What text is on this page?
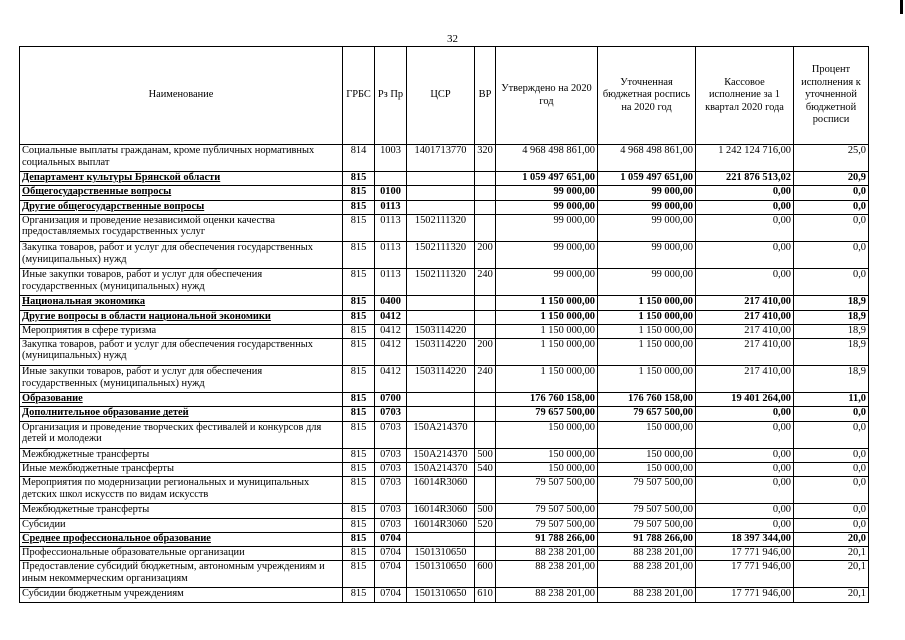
32
Наименование	ГРБС	Рз Пр	ЦСР	ВР	Утверждено на 2020 год	Уточненная бюджетная роспись на 2020 год	Кассовое исполнение за 1 квартал 2020 года	Процент исполнения к уточненной бюджетной росписи
Социальные выплаты гражданам, кроме публичных нормативных социальных выплат	814	1003	1401713770	320	4 968 498 861,00	4 968 498 861,00	1 242 124 716,00	25,0
Департамент культуры Брянской области	815				1 059 497 651,00	1 059 497 651,00	221 876 513,02	20,9
Общегосударственные вопросы	815	0100			99 000,00	99 000,00	0,00	0,0
Другие общегосударственные вопросы	815	0113			99 000,00	99 000,00	0,00	0,0
Организация и проведение независимой оценки качества предоставляемых государственных услуг	815	0113	1502111320		99 000,00	99 000,00	0,00	0,0
Закупка товаров, работ и услуг для обеспечения государственных (муниципальных) нужд	815	0113	1502111320	200	99 000,00	99 000,00	0,00	0,0
Иные закупки товаров, работ и услуг для обеспечения государственных (муниципальных) нужд	815	0113	1502111320	240	99 000,00	99 000,00	0,00	0,0
Национальная экономика	815	0400			1 150 000,00	1 150 000,00	217 410,00	18,9
Другие вопросы в области национальной экономики	815	0412			1 150 000,00	1 150 000,00	217 410,00	18,9
Мероприятия в сфере туризма	815	0412	1503114220		1 150 000,00	1 150 000,00	217 410,00	18,9
Закупка товаров, работ и услуг для обеспечения государственных (муниципальных) нужд	815	0412	1503114220	200	1 150 000,00	1 150 000,00	217 410,00	18,9
Иные закупки товаров, работ и услуг для обеспечения государственных (муниципальных) нужд	815	0412	1503114220	240	1 150 000,00	1 150 000,00	217 410,00	18,9
Образование	815	0700			176 760 158,00	176 760 158,00	19 401 264,00	11,0
Дополнительное образование детей	815	0703			79 657 500,00	79 657 500,00	0,00	0,0
Организация и проведение творческих фестивалей и конкурсов для детей и молодежи	815	0703	150А214370		150 000,00	150 000,00	0,00	0,0
Межбюджетные трансферты	815	0703	150А214370	500	150 000,00	150 000,00	0,00	0,0
Иные межбюджетные трансферты	815	0703	150А214370	540	150 000,00	150 000,00	0,00	0,0
Мероприятия по модернизации региональных и муниципальных детских школ искусств по видам искусств	815	0703	16014R3060		79 507 500,00	79 507 500,00	0,00	0,0
Межбюджетные трансферты	815	0703	16014R3060	500	79 507 500,00	79 507 500,00	0,00	0,0
Субсидии	815	0703	16014R3060	520	79 507 500,00	79 507 500,00	0,00	0,0
Среднее профессиональное образование	815	0704			91 788 266,00	91 788 266,00	18 397 344,00	20,0
Профессиональные образовательные организации	815	0704	1501310650		88 238 201,00	88 238 201,00	17 771 946,00	20,1
Предоставление субсидий бюджетным, автономным учреждениям и иным некоммерческим организациям	815	0704	1501310650	600	88 238 201,00	88 238 201,00	17 771 946,00	20,1
Субсидии бюджетным учреждениям	815	0704	1501310650	610	88 238 201,00	88 238 201,00	17 771 946,00	20,1
